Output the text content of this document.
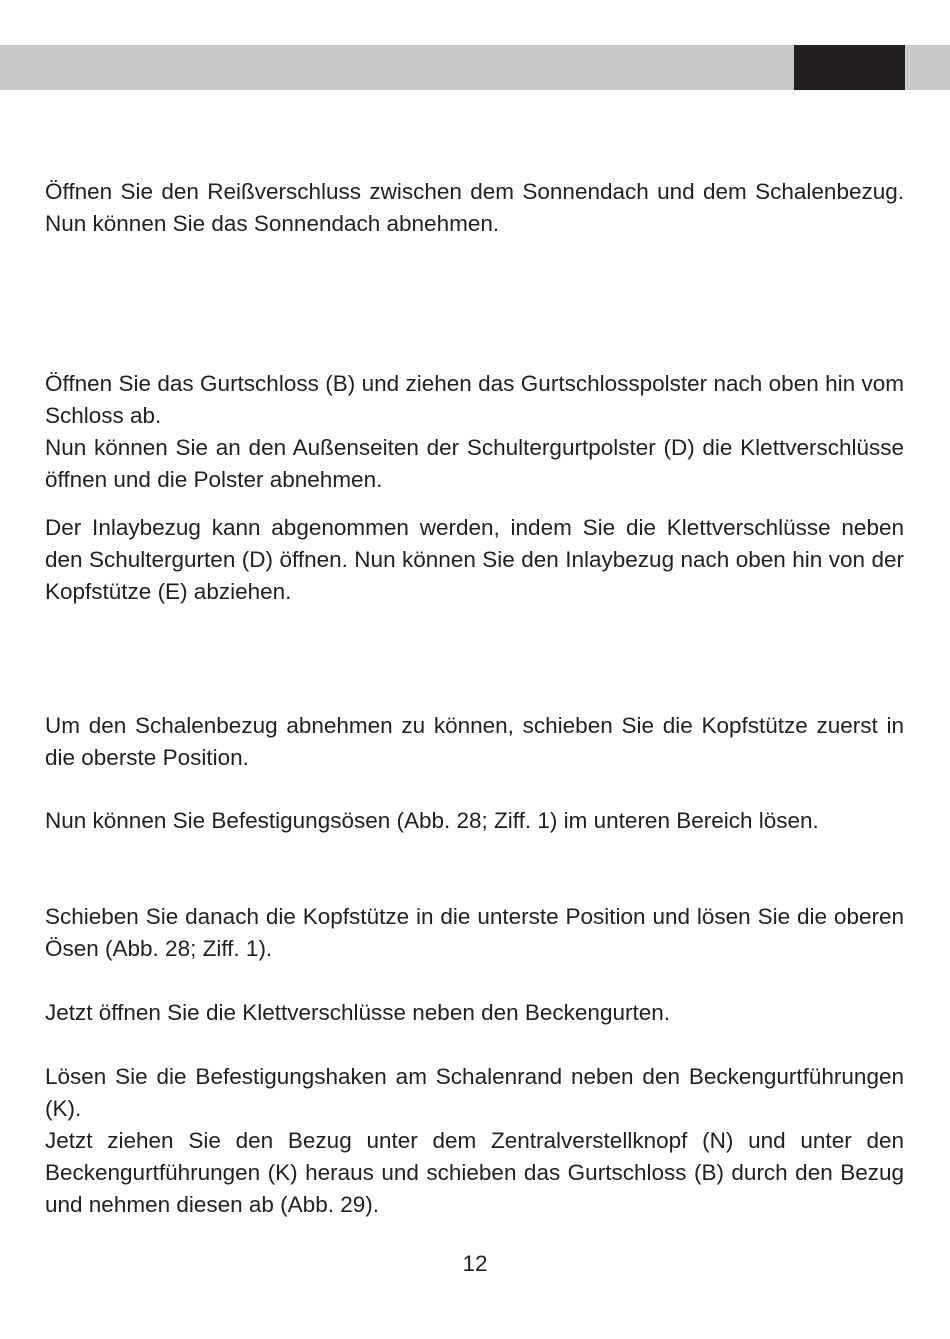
Öffnen Sie den Reißverschluss zwischen dem Sonnendach und dem Schalenbezug. Nun können Sie das Sonnendach abnehmen.

Öffnen Sie das Gurtschloss (B) und ziehen das Gurtschlosspolster nach oben hin vom Schloss ab.

Nun können Sie an den Außenseiten der Schultergurtpolster (D) die Klettverschlüsse öffnen und die Polster abnehmen.

Der Inlaybezug kann abgenommen werden, indem Sie die Klettverschlüsse neben den Schultergurten (D) öffnen. Nun können Sie den Inlaybezug nach oben hin von der Kopfstütze (E) abziehen.

Um den Schalenbezug abnehmen zu können, schieben Sie die Kopfstütze zuerst in die oberste Position.

Nun können Sie Befestigungsösen (Abb. 28; Ziff. 1) im unteren Bereich lösen.

Schieben Sie danach die Kopfstütze in die unterste Position und lösen Sie die oberen Ösen (Abb. 28; Ziff. 1).

Jetzt öffnen Sie die Klettverschlüsse neben den Beckengurten.

Lösen Sie die Befestigungshaken am Schalenrand neben den Beckengurtführungen (K).

Jetzt ziehen Sie den Bezug unter dem Zentralverstellknopf (N) und unter den Beckengurtführungen (K) heraus und schieben das Gurtschloss (B) durch den Bezug und nehmen diesen ab (Abb. 29).

12
